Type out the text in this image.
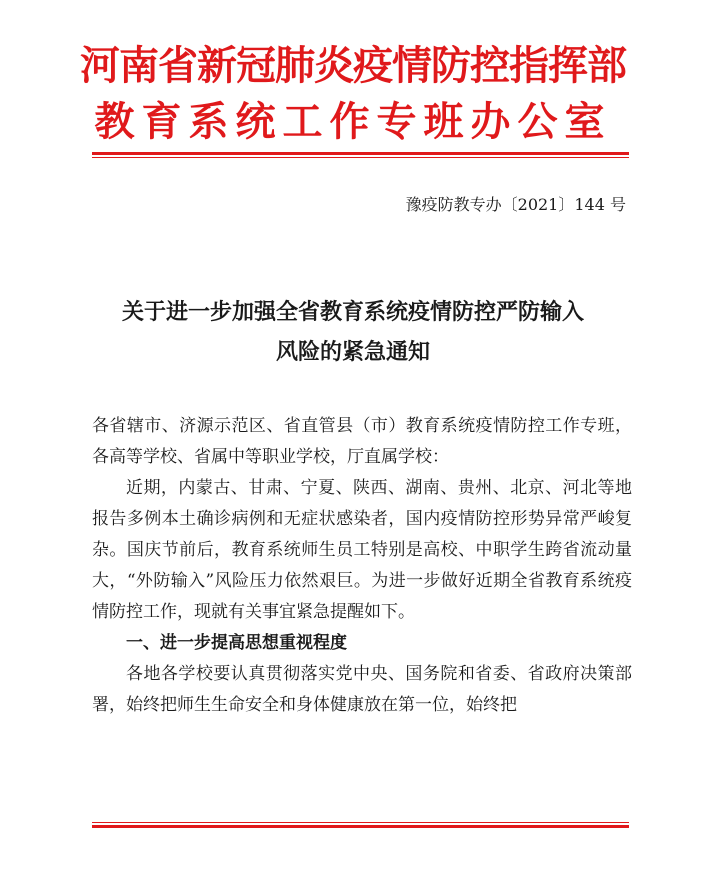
河南省新冠肺炎疫情防控指挥部
教育系统工作专班办公室
豫疫防教专办〔2021〕144 号
关于进一步加强全省教育系统疫情防控严防输入
风险的紧急通知

各省辖市、济源示范区、省直管县（市）教育系统疫情防控工作专班，各高等学校、省属中等职业学校，厅直属学校：

近期，内蒙古、甘肃、宁夏、陕西、湖南、贵州、北京、河北等地报告多例本土确诊病例和无症状感染者，国内疫情防控形势异常严峻复杂。国庆节前后，教育系统师生员工特别是高校、中职学生跨省流动量大，“外防输入”风险压力依然艰巨。为进一步做好近期全省教育系统疫情防控工作，现就有关事宜紧急提醒如下。

一、进一步提高思想重视程度

各地各学校要认真贯彻落实党中央、国务院和省委、省政府决策部署，始终把师生生命安全和身体健康放在第一位，始终把
